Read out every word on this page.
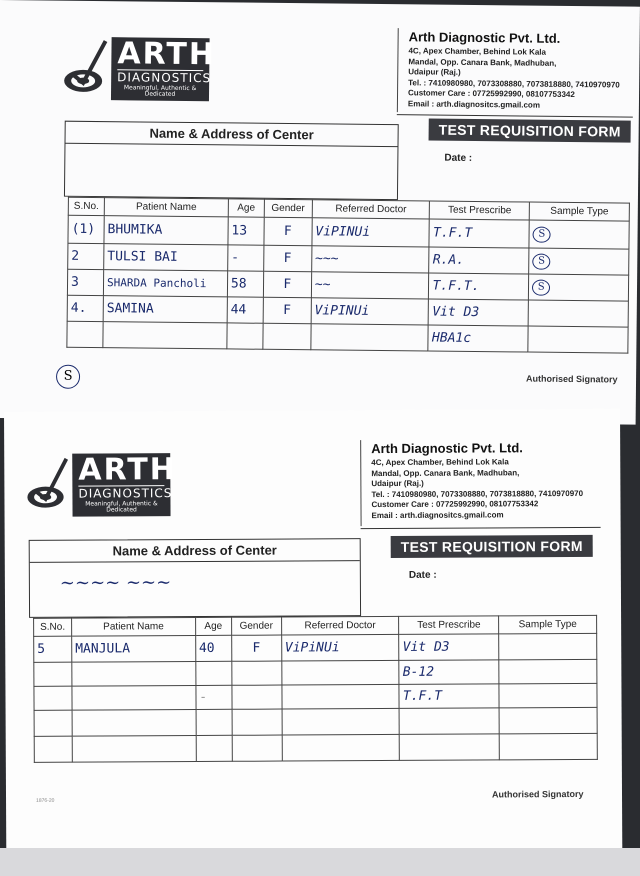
ARTH
DIAGNOSTICS
Meaningful, Authentic & Dedicated
Arth Diagnostic Pvt. Ltd.
4C, Apex Chamber, Behind Lok Kala
Mandal, Opp. Canara Bank, Madhuban,
Udaipur (Raj.)
Tel. : 7410980980, 7073308880, 7073818880, 7410970970
Customer Care : 07725992990, 08107753342
Email : arth.diagnositcs.gmail.com
Name & Address of Center	TEST REQUISITION FORM
Date :
S.No.	Patient Name	Age	Gender	Referred Doctor	Test Prescribe	Sample Type
(1)	BHUMIKA	13	F	ViPINUi	T.F.T	S
2	TULSI BAI	-	F	~~~	R.A.	S
3	SHARDA Pancholi	58	F	~~	T.F.T.	S
4.	SAMINA	44	F	ViPINUi	Vit D3	
					HBA1c	
S	Authorised Signatory
ARTH
DIAGNOSTICS
Meaningful, Authentic & Dedicated
Arth Diagnostic Pvt. Ltd.
4C, Apex Chamber, Behind Lok Kala
Mandal, Opp. Canara Bank, Madhuban,
Udaipur (Raj.)
Tel. : 7410980980, 7073308880, 7073818880, 7410970970
Customer Care : 07725992990, 08107753342
Email : arth.diagnositcs.gmail.com
Name & Address of Center
~~~~ ~~~
TEST REQUISITION FORM
Date :
S.No.	Patient Name	Age	Gender	Referred Doctor	Test Prescribe	Sample Type
5	MANJULA	40	F	ViPiNUi	Vit D3	
					B-12	
		-			T.F.T	

1876-20
Authorised Signatory
